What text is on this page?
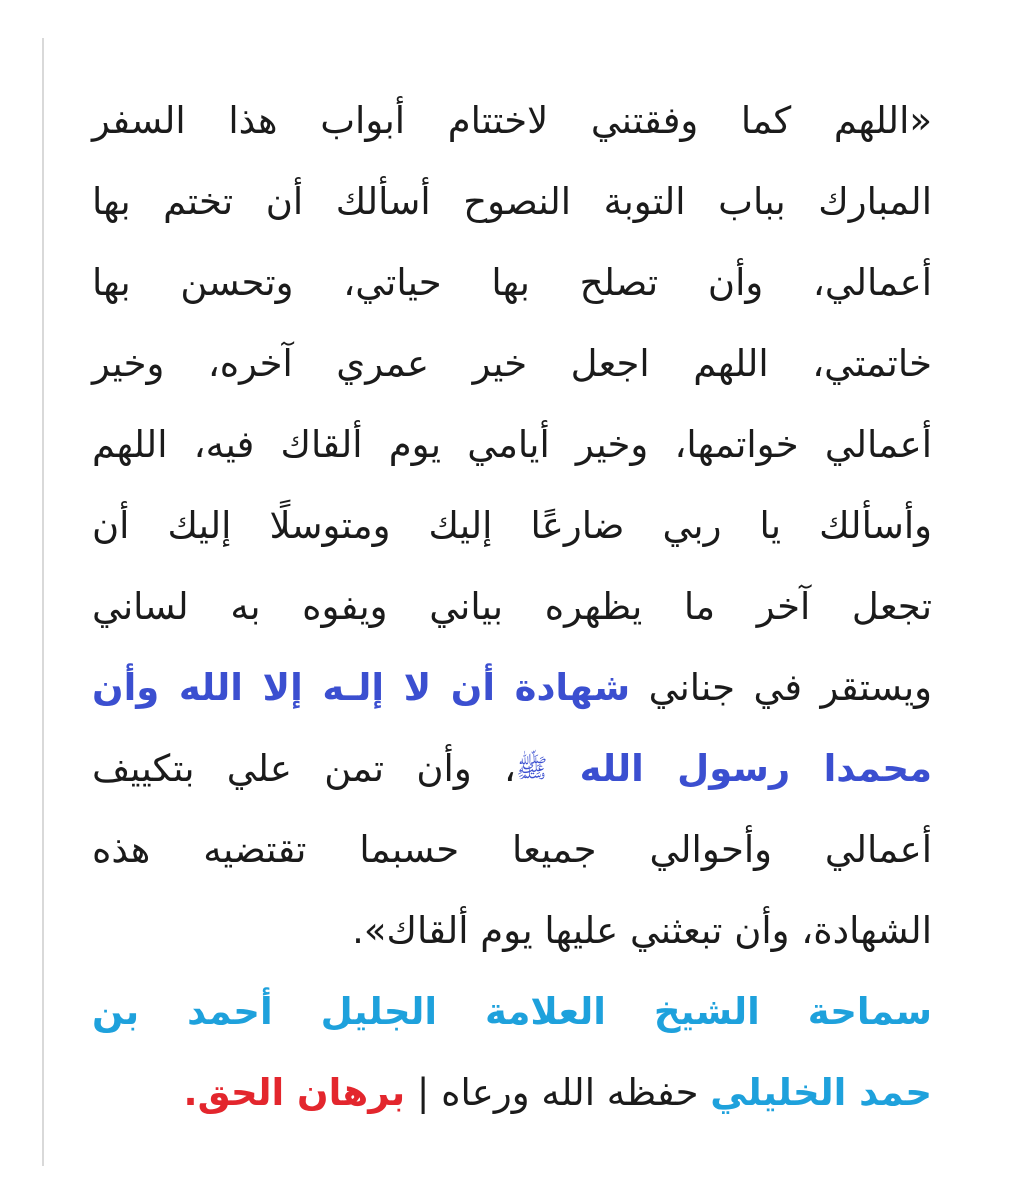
«اللهم كما وفقتني لاختتام أبواب هذا السفر
المبارك بباب التوبة النصوح أسألك أن تختم بها
أعمالي، وأن تصلح بها حياتي، وتحسن بها
خاتمتي، اللهم اجعل خير عمري آخره، وخير
أعمالي خواتمها، وخير أيامي يوم ألقاك فيه، اللهم
وأسألك يا ربي ضارعًا إليك ومتوسلًا إليك أن
تجعل آخر ما يظهره بياني ويفوه به لساني
ويستقر في جناني شهادة أن لا إلـه إلا الله وأن
محمدا رسول الله ﷺ، وأن تمن علي بتكييف
أعمالي وأحوالي جميعا حسبما تقتضيه هذه
الشهادة، وأن تبعثني عليها يوم ألقاك».
سماحة الشيخ العلامة الجليل أحمد بن
حمد الخليلي حفظه الله ورعاه | برهان الحق.
